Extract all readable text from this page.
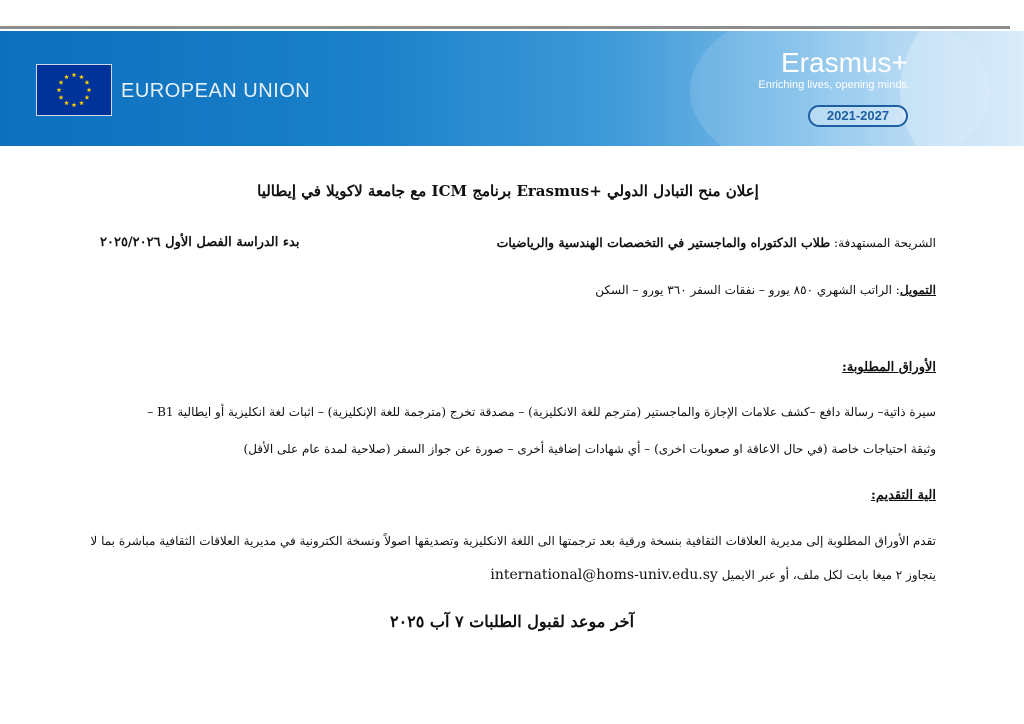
EUROPEAN UNION
Erasmus+
Enriching lives, opening minds.
2021-2027
إعلان منح التبادل الدولي +Erasmus برنامج ICM مع جامعة لاكويلا في إيطاليا
بدء الدراسة الفصل الأول ٢٠٢٥/٢٠٢٦	الشريحة المستهدفة: طلاب الدكتوراه والماجستير في التخصصات الهندسية والرياضيات
التمويل: الراتب الشهري ٨٥٠ يورو – نفقات السفر ٣٦٠ يورو – السكن
الأوراق المطلوبة:
سيرة ذاتية– رسالة دافع –كشف علامات الإجازة والماجستير (مترجم للغة الانكليزية) – مصدقة تخرج (مترجمة للغة الإنكليزية) – اثبات لغة انكليزية أو ايطالية B1 –
وثيقة احتياجات خاصة (في حال الاعاقة او صعوبات اخرى) – أي شهادات إضافية أخرى – صورة عن جواز السفر (صلاحية لمدة عام على الأقل)
الية التقديم:
تقدم الأوراق المطلوبة إلى مديرية العلاقات الثقافية بنسخة ورقية بعد ترجمتها الى اللغة الانكليزية وتصديقها اصولاً ونسخة الكترونية في مديرية العلاقات الثقافية مباشرة بما لا
يتجاوز ٢ ميغا بايت لكل ملف، أو عبر الايميل international@homs-univ.edu.sy
آخر موعد لقبول الطلبات ٧ آب ٢٠٢٥
